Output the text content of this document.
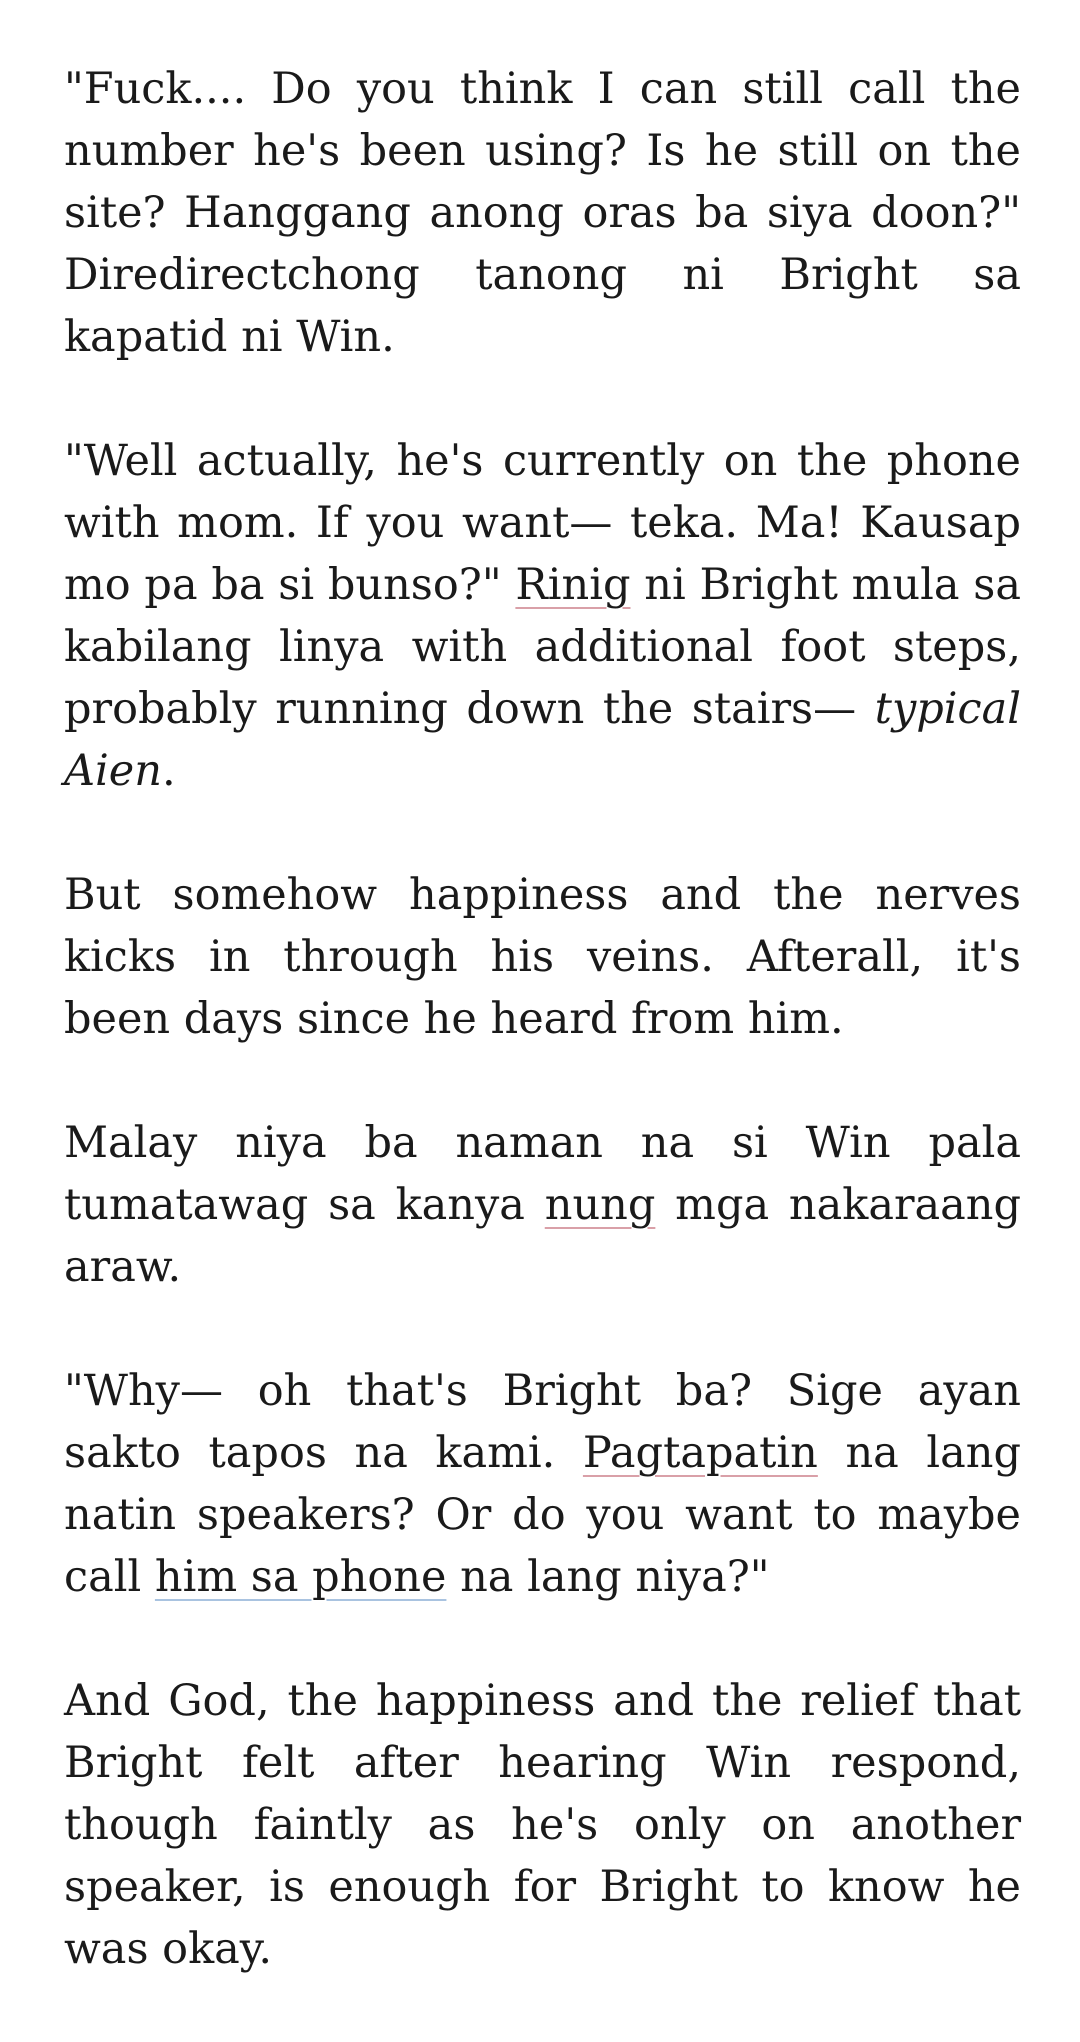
"Fuck.... Do you think I can still call the number he's been using? Is he still on the site? Hanggang anong oras ba siya doon?" Diredirectchong tanong ni Bright sa kapatid ni Win.

"Well actually, he's currently on the phone with mom. If you want— teka. Ma! Kausap mo pa ba si bunso?" Rinig ni Bright mula sa kabilang linya with additional foot steps, probably running down the stairs— typical Aien.

But somehow happiness and the nerves kicks in through his veins. Afterall, it's been days since he heard from him.

Malay niya ba naman na si Win pala tumatawag sa kanya nung mga nakaraang araw.

"Why— oh that's Bright ba? Sige ayan sakto tapos na kami. Pagtapatin na lang natin speakers? Or do you want to maybe call him sa phone na lang niya?"

And God, the happiness and the relief that Bright felt after hearing Win respond, though faintly as he's only on another speaker, is enough for Bright to know he was okay.
